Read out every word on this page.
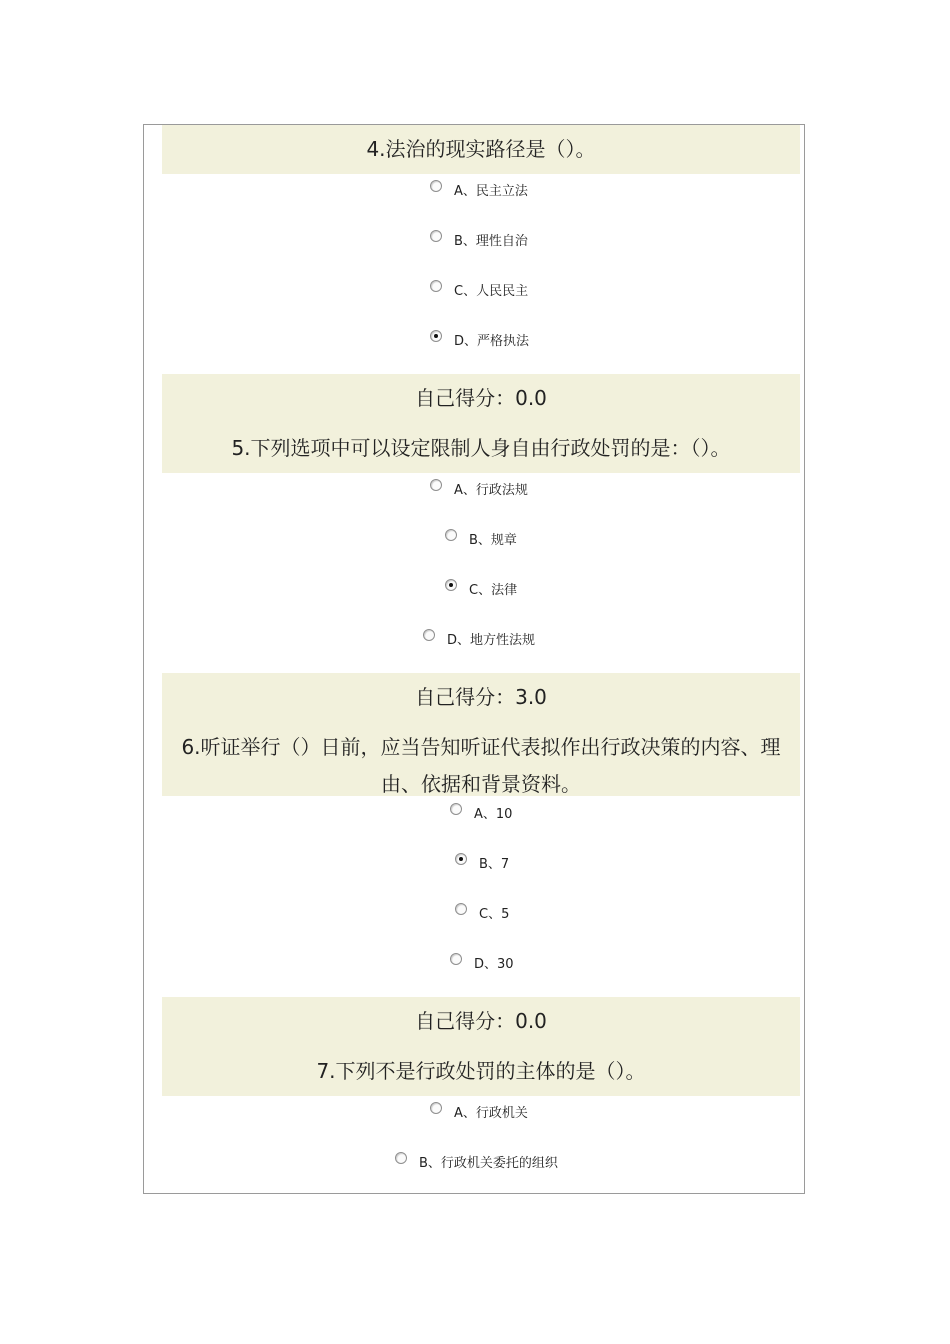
4.法治的现实路径是（）。
A、民主立法
B、理性自治
C、人民民主
D、严格执法
自己得分：0.0
5.下列选项中可以设定限制人身自由行政处罚的是：（）。
A、行政法规
B、规章
C、法律
D、地方性法规
自己得分：3.0
6.听证举行（）日前，应当告知听证代表拟作出行政决策的内容、理
由、依据和背景资料。
A、10
B、7
C、5
D、30
自己得分：0.0
7.下列不是行政处罚的主体的是（）。
A、行政机关
B、行政机关委托的组织
